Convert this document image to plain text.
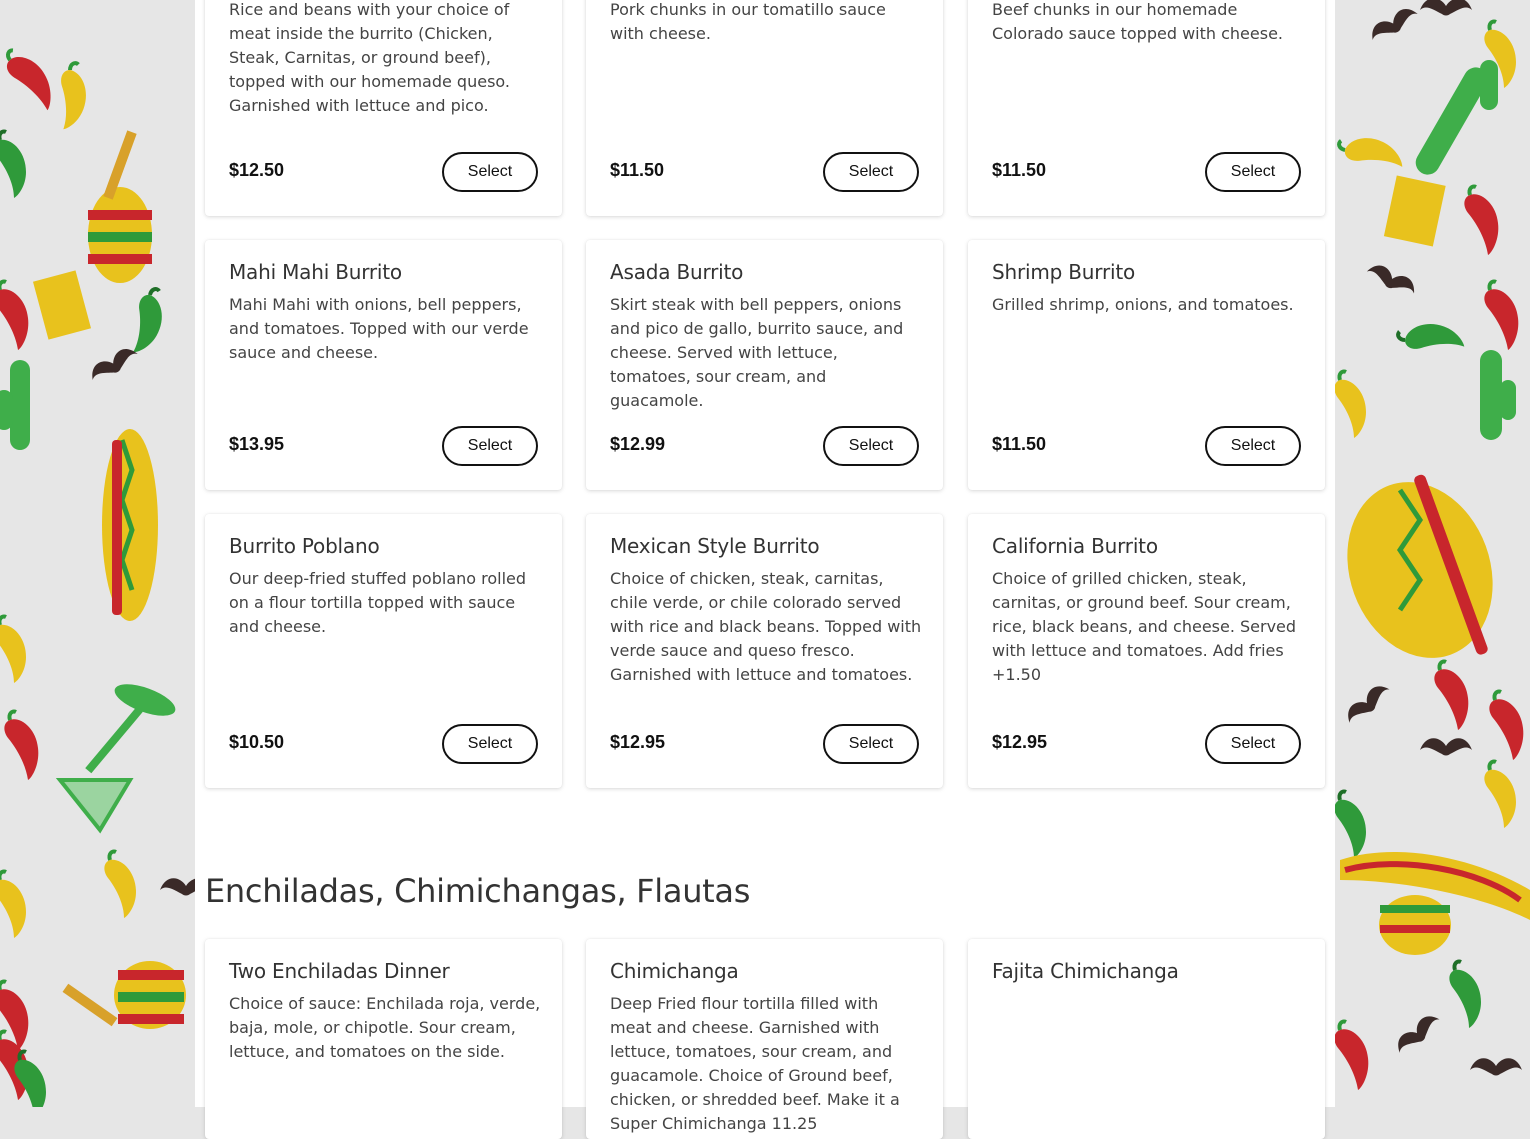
Rice and beans with your choice of meat inside the burrito (Chicken, Steak, Carnitas, or ground beef), topped with our homemade queso. Garnished with lettuce and pico.
$12.50	Select
Pork chunks in our tomatillo sauce with cheese.
$11.50	Select
Beef chunks in our homemade Colorado sauce topped with cheese.
$11.50	Select
Mahi Mahi Burrito
Mahi Mahi with onions, bell peppers, and tomatoes. Topped with our verde sauce and cheese.
$13.95	Select
Asada Burrito
Skirt steak with bell peppers, onions and pico de gallo, burrito sauce, and cheese. Served with lettuce, tomatoes, sour cream, and guacamole.
$12.99	Select
Shrimp Burrito
Grilled shrimp, onions, and tomatoes.
$11.50	Select
Burrito Poblano
Our deep-fried stuffed poblano rolled on a flour tortilla topped with sauce and cheese.
$10.50	Select
Mexican Style Burrito
Choice of chicken, steak, carnitas, chile verde, or chile colorado served with rice and black beans. Topped with verde sauce and queso fresco. Garnished with lettuce and tomatoes.
$12.95	Select
California Burrito
Choice of grilled chicken, steak, carnitas, or ground beef. Sour cream, rice, black beans, and cheese. Served with lettuce and tomatoes. Add fries +1.50
$12.95	Select
Enchiladas, Chimichangas, Flautas
Two Enchiladas Dinner
Choice of sauce: Enchilada roja, verde, baja, mole, or chipotle. Sour cream, lettuce, and tomatoes on the side.
Chimichanga
Deep Fried flour tortilla filled with meat and cheese. Garnished with lettuce, tomatoes, sour cream, and guacamole. Choice of Ground beef, chicken, or shredded beef. Make it a Super Chimichanga 11.25
Fajita Chimichanga
